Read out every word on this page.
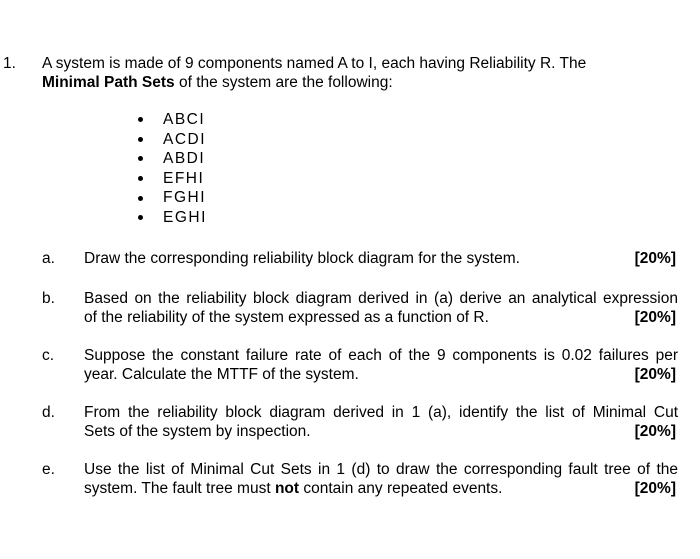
1. A system is made of 9 components named A to I, each having Reliability R. The
Minimal Path Sets of the system are the following:
ABCI
ACDI
ABDI
EFHI
FGHI
EGHI
a. Draw the corresponding reliability block diagram for the system.	[20%]
b. Based on the reliability block diagram derived in (a) derive an analytical expression
of the reliability of the system expressed as a function of R.	[20%]
c. Suppose the constant failure rate of each of the 9 components is 0.02 failures per
year. Calculate the MTTF of the system.	[20%]
d. From the reliability block diagram derived in 1 (a), identify the list of Minimal Cut
Sets of the system by inspection.	[20%]
e. Use the list of Minimal Cut Sets in 1 (d) to draw the corresponding fault tree of the
system. The fault tree must not contain any repeated events.	[20%]
